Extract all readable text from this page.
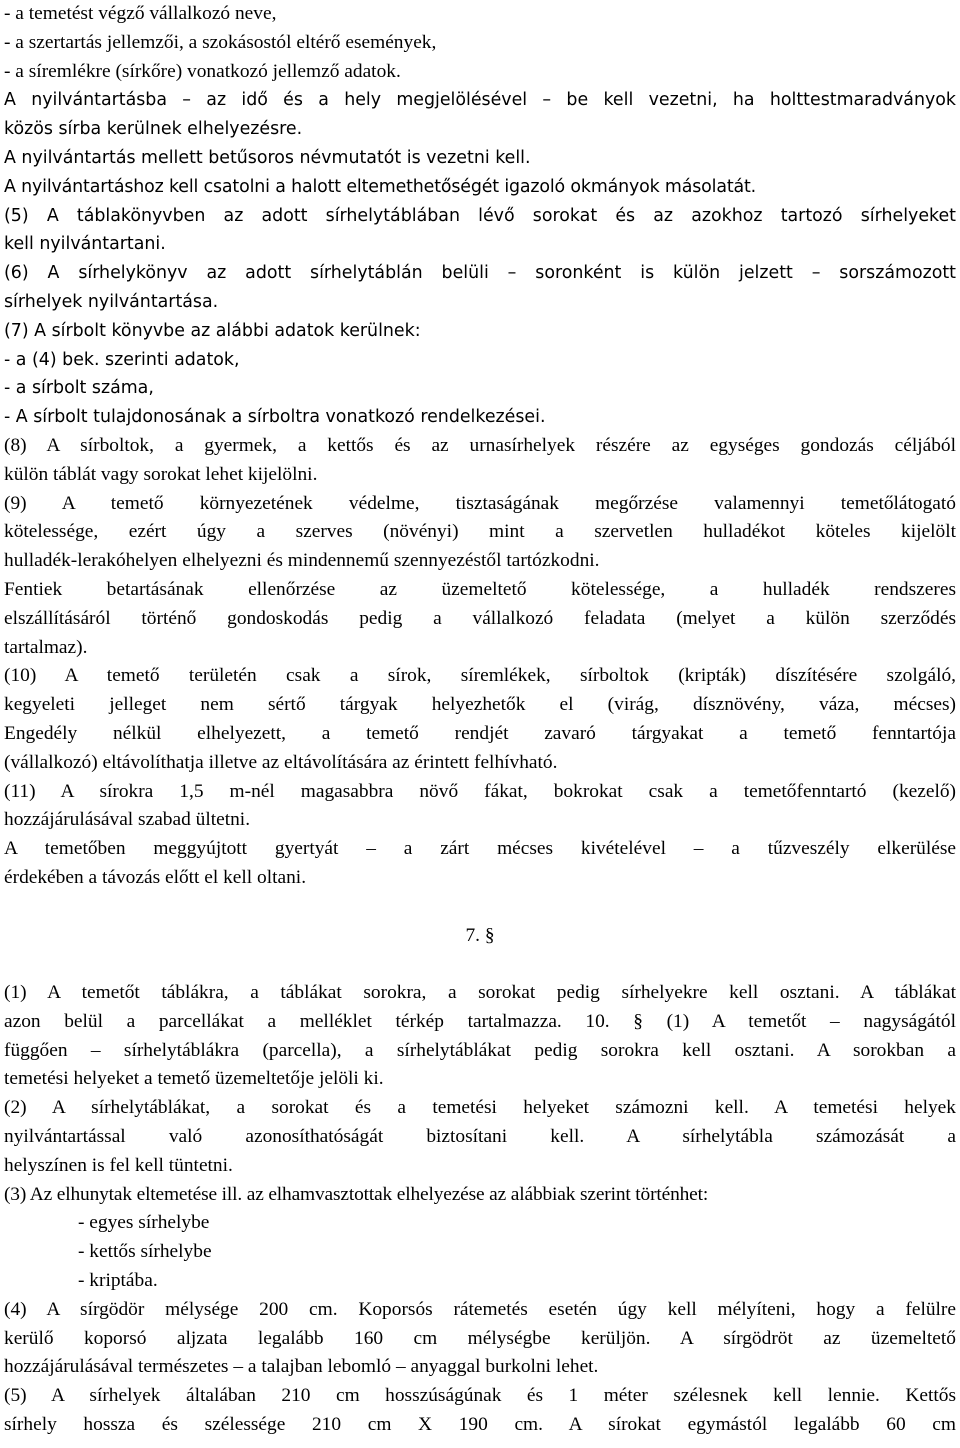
- a temetést végző vállalkozó neve,
- a szertartás jellemzői, a szokásostól eltérő események,
- a síremlékre (sírkőre) vonatkozó jellemző adatok.
A nyilvántartásba – az idő és a hely megjelölésével – be kell vezetni, ha holttestmaradványok
közös sírba kerülnek elhelyezésre.
A nyilvántartás mellett betűsoros névmutatót is vezetni kell.
A nyilvántartáshoz kell csatolni a halott eltemethetőségét igazoló okmányok másolatát.
(5) A táblakönyvben az adott sírhelytáblában lévő sorokat és az azokhoz tartozó sírhelyeket
kell nyilvántartani.
(6) A sírhelykönyv az adott sírhelytáblán belüli – soronként is külön jelzett – sorszámozott
sírhelyek nyilvántartása.
(7) A sírbolt könyvbe az alábbi adatok kerülnek:
- a (4) bek. szerinti adatok,
- a sírbolt száma,
- A sírbolt tulajdonosának a sírboltra vonatkozó rendelkezései.
(8) A sírboltok, a gyermek, a kettős és az urnasírhelyek részére az egységes gondozás céljából
külön táblát vagy sorokat lehet kijelölni.
(9) A temető környezetének védelme, tisztaságának megőrzése valamennyi temetőlátogató
kötelessége, ezért úgy a szerves (növényi) mint a szervetlen hulladékot köteles kijelölt
hulladék-lerakóhelyen elhelyezni és mindennemű szennyezéstől tartózkodni.
Fentiek betartásának ellenőrzése az üzemeltető kötelessége, a hulladék rendszeres
elszállításáról történő gondoskodás pedig a vállalkozó feladata (melyet a külön szerződés
tartalmaz).
(10) A temető területén csak a sírok, síremlékek, sírboltok (kripták) díszítésére szolgáló,
kegyeleti jelleget nem sértő tárgyak helyezhetők el (virág, dísznövény, váza, mécses)
Engedély nélkül elhelyezett, a temető rendjét zavaró tárgyakat a temető fenntartója
(vállalkozó) eltávolíthatja illetve az eltávolítására az érintett felhívható.
(11) A sírokra 1,5 m-nél magasabbra növő fákat, bokrokat csak a temetőfenntartó (kezelő)
hozzájárulásával szabad ültetni.
A temetőben meggyújtott gyertyát – a zárt mécses kivételével – a tűzveszély elkerülése
érdekében a távozás előtt el kell oltani.
7. §
(1) A temetőt táblákra, a táblákat sorokra, a sorokat pedig sírhelyekre kell osztani. A táblákat
azon belül a parcellákat a melléklet térkép tartalmazza. 10. § (1) A temetőt – nagyságától
függően – sírhelytáblákra (parcella), a sírhelytáblákat pedig sorokra kell osztani. A sorokban a
temetési helyeket a temető üzemeltetője jelöli ki.
(2) A sírhelytáblákat, a sorokat és a temetési helyeket számozni kell. A temetési helyek
nyilvántartással való azonosíthatóságát biztosítani kell. A sírhelytábla számozását a
helyszínen is fel kell tüntetni.
(3) Az elhunytak eltemetése ill. az elhamvasztottak elhelyezése az alábbiak szerint történhet:
- egyes sírhelybe
- kettős sírhelybe
- kriptába.
(4) A sírgödör mélysége 200 cm. Koporsós rátemetés esetén úgy kell mélyíteni, hogy a felülre
kerülő koporsó aljzata legalább 160 cm mélységbe kerüljön. A sírgödröt az üzemeltető
hozzájárulásával természetes – a talajban lebomló – anyaggal burkolni lehet.
(5) A sírhelyek általában 210 cm hosszúságúnak és 1 méter szélesnek kell lennie. Kettős
sírhely hossza és szélessége 210 cm X 190 cm. A sírokat egymástól legalább 60 cm
